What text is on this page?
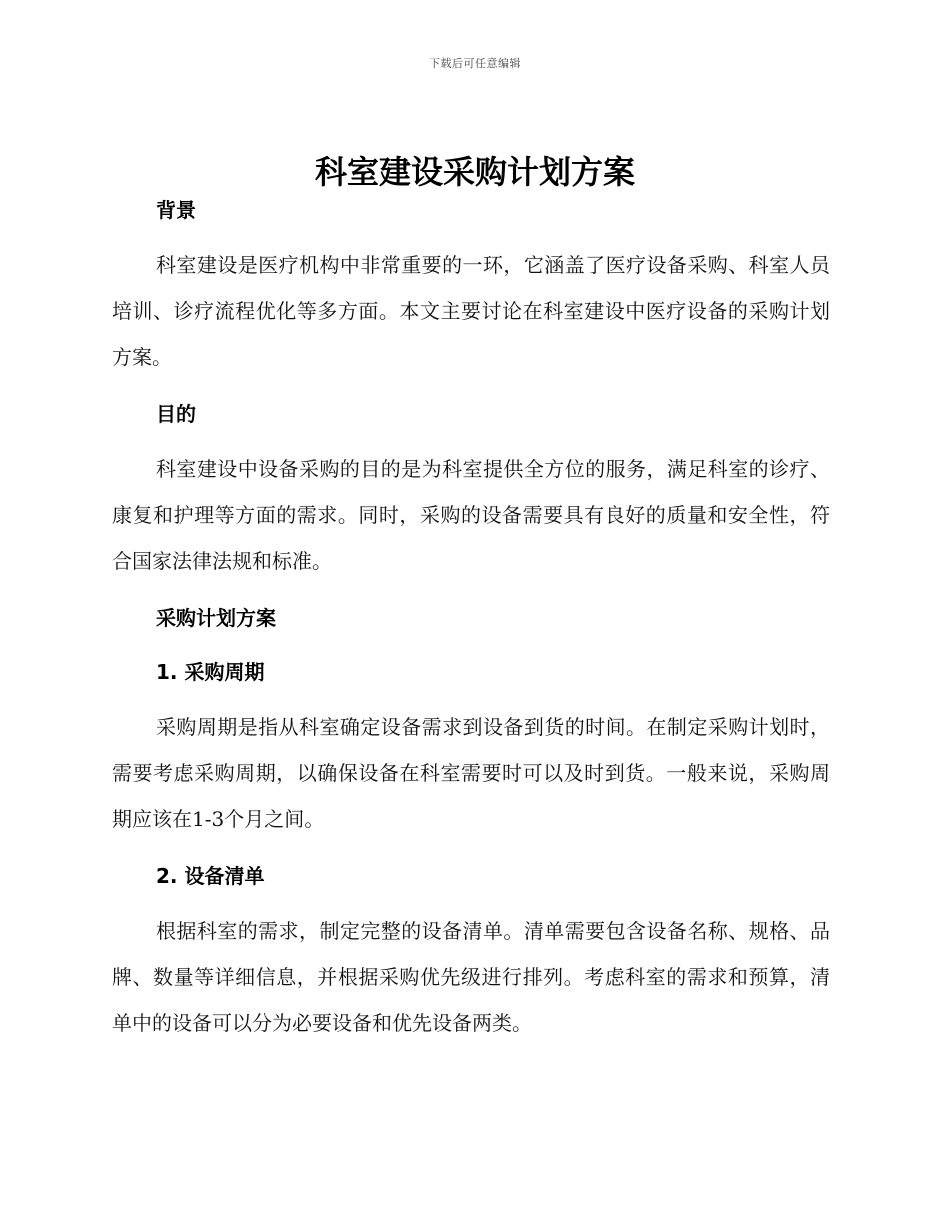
下载后可任意编辑
科室建设采购计划方案
背景

科室建设是医疗机构中非常重要的一环，它涵盖了医疗设备采购、科室人员培训、诊疗流程优化等多方面。本文主要讨论在科室建设中医疗设备的采购计划方案。

目的

科室建设中设备采购的目的是为科室提供全方位的服务，满足科室的诊疗、康复和护理等方面的需求。同时，采购的设备需要具有良好的质量和安全性，符合国家法律法规和标准。

采购计划方案
1. 采购周期

采购周期是指从科室确定设备需求到设备到货的时间。在制定采购计划时，需要考虑采购周期，以确保设备在科室需要时可以及时到货。一般来说，采购周期应该在1-3个月之间。

2. 设备清单

根据科室的需求，制定完整的设备清单。清单需要包含设备名称、规格、品牌、数量等详细信息，并根据采购优先级进行排列。考虑科室的需求和预算，清单中的设备可以分为必要设备和优先设备两类。
